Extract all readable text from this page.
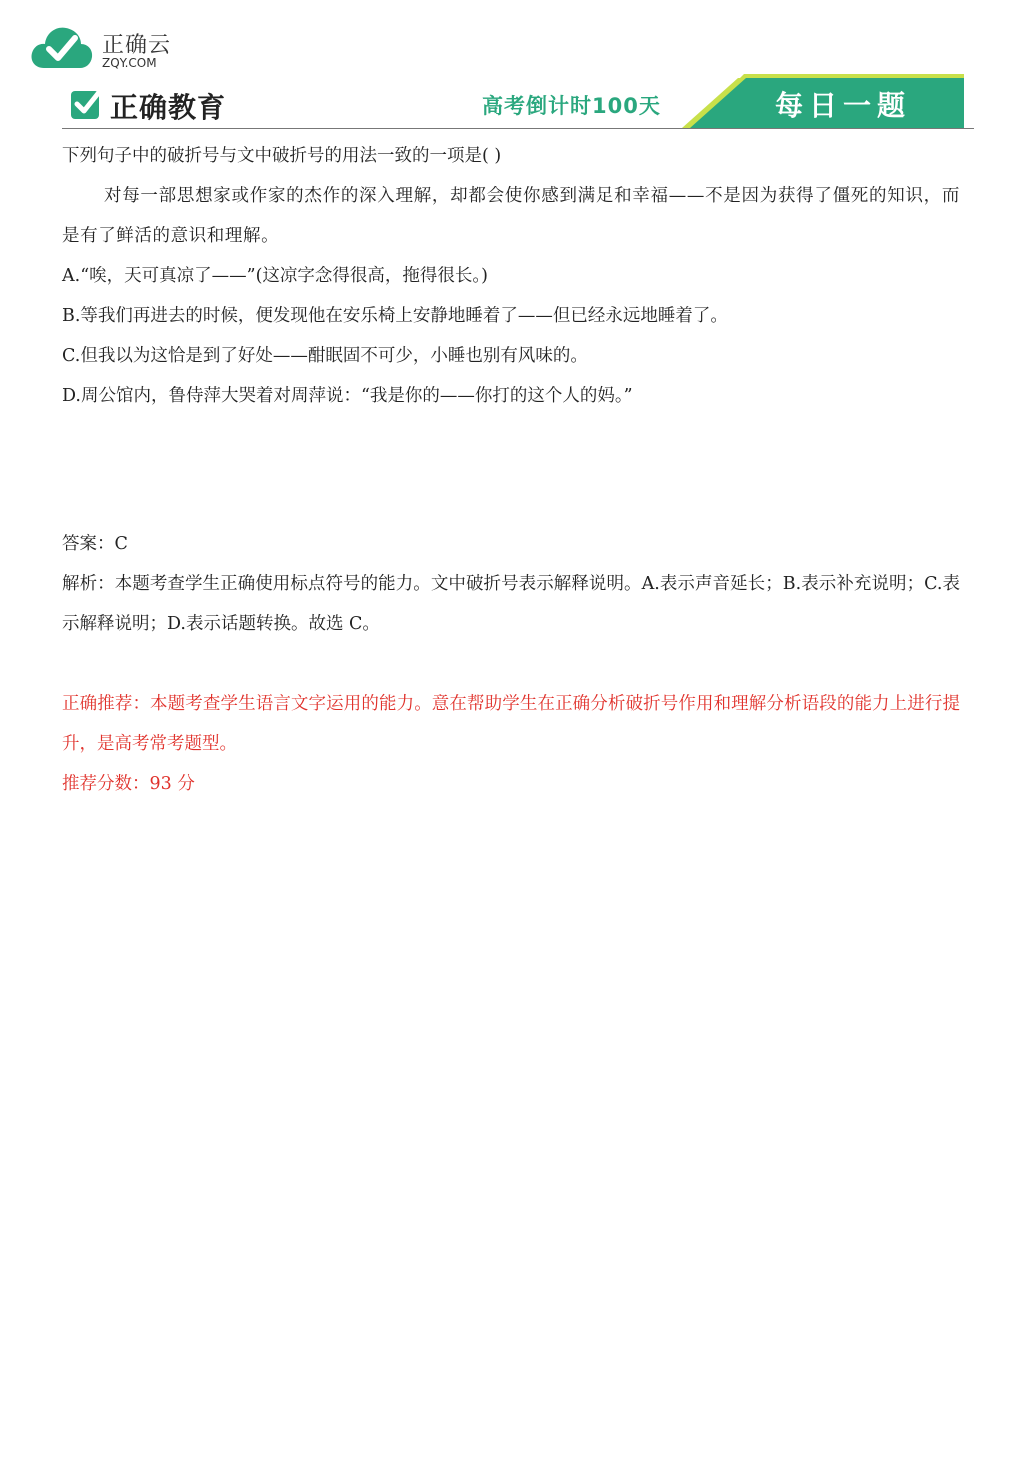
正确云
ZQY.COM
正确教育	高考倒计时100天	每日一题
下列句子中的破折号与文中破折号的用法一致的一项是( )
对每一部思想家或作家的杰作的深入理解，却都会使你感到满足和幸福——不是因为获得了僵死的知识，而是有了鲜活的意识和理解。
A.“唉，天可真凉了——”(这凉字念得很高，拖得很长。)
B.等我们再进去的时候，便发现他在安乐椅上安静地睡着了——但已经永远地睡着了。
C.但我以为这恰是到了好处——酣眠固不可少，小睡也别有风味的。
D.周公馆内，鲁侍萍大哭着对周萍说：“我是你的——你打的这个人的妈。”
答案：C
解析：本题考查学生正确使用标点符号的能力。文中破折号表示解释说明。A.表示声音延长；B.表示补充说明；C.表示解释说明；D.表示话题转换。故选 C。
正确推荐：本题考查学生语言文字运用的能力。意在帮助学生在正确分析破折号作用和理解分析语段的能力上进行提升，是高考常考题型。
推荐分数：93 分
